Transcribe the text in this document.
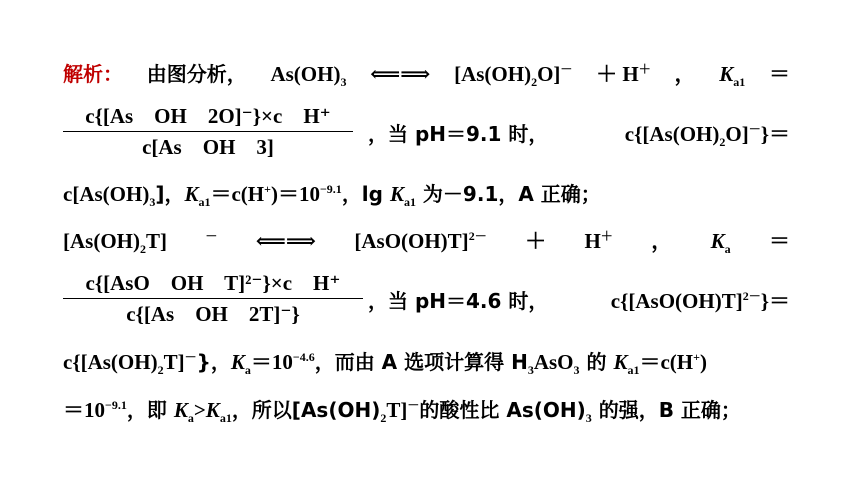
解析： 由图分析， $As(OH)_3$ ⟸⟹ $[As(OH)_2O]^- + H^+$ ， $K_{a1}$ ＝
c{[As    OH    2O]⁻}×c    H⁺
c[As    OH    3]
，当 pH＝9.1 时，	$c\{[As(OH)_2O]^-\}=$
$c[As(OH)_3]$，$K_{a1}=c(H^+)=10^{-9.1}$，$\lg K_{a1}$ 为－9.1，A 正确；
$[As(OH)_2T]$	－ ⟸⟹ $[AsO(OH)T]^{2-} + H^+$ ， $K_a$ ＝
c{[AsO    OH    T]²⁻}×c    H⁺
c{[As    OH    2T]⁻}
，当 pH＝4.6 时，	$c\{[AsO(OH)T]^{2-}\}=$
$c\{[As(OH)_2T]^-\}$，$K_a=10^{-4.6}$，而由 A 选项计算得 $H_3AsO_3$ 的 $K_{a1}=c(H^+)$
$=10^{-9.1}$，即 $K_a>K_{a1}$，所以$[As(OH)_2T]^-$的酸性比 $As(OH)_3$ 的强，B 正确；
